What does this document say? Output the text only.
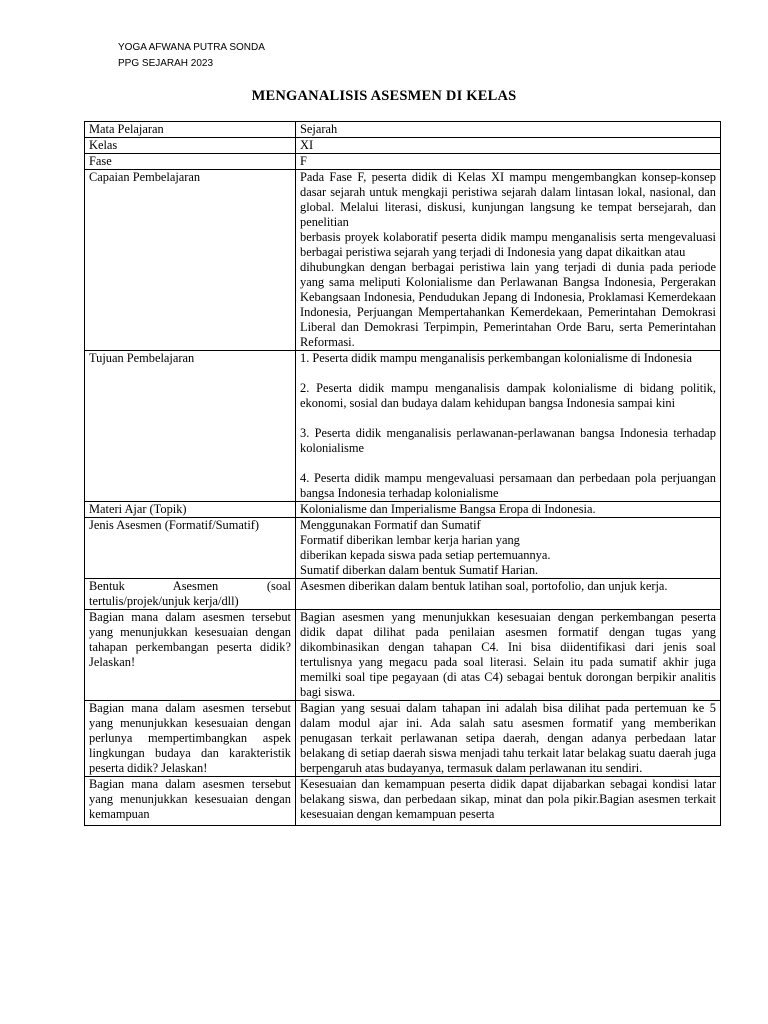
YOGA AFWANA PUTRA SONDA
PPG SEJARAH 2023
MENGANALISIS ASESMEN DI KELAS
Mata Pelajaran	Sejarah
Kelas	XI
Fase	F
Capaian Pembelajaran	Pada Fase F, peserta didik di Kelas XI mampu mengembangkan konsep-konsep dasar sejarah untuk mengkaji peristiwa sejarah dalam lintasan lokal, nasional, dan global. Melalui literasi, diskusi, kunjungan langsung ke tempat bersejarah, dan penelitian
berbasis proyek kolaboratif peserta didik mampu menganalisis serta mengevaluasi berbagai peristiwa sejarah yang terjadi di Indonesia yang dapat dikaitkan atau
dihubungkan dengan berbagai peristiwa lain yang terjadi di dunia pada periode yang sama meliputi Kolonialisme dan Perlawanan Bangsa Indonesia, Pergerakan Kebangsaan Indonesia, Pendudukan Jepang di Indonesia, Proklamasi Kemerdekaan Indonesia, Perjuangan Mempertahankan Kemerdekaan, Pemerintahan Demokrasi Liberal dan Demokrasi Terpimpin, Pemerintahan Orde Baru, serta Pemerintahan Reformasi.

Tujuan Pembelajaran	1. Peserta didik mampu menganalisis perkembangan kolonialisme di Indonesia
2. Peserta didik mampu menganalisis dampak kolonialisme di bidang politik, ekonomi, sosial dan budaya dalam kehidupan bangsa Indonesia sampai kini
3. Peserta didik menganalisis perlawanan-perlawanan bangsa Indonesia terhadap kolonialisme
4. Peserta didik mampu mengevaluasi persamaan dan perbedaan pola perjuangan bangsa Indonesia terhadap kolonialisme

Materi Ajar (Topik)	Kolonialisme dan Imperialisme Bangsa Eropa di Indonesia.
Jenis Asesmen (Formatif/Sumatif)	Menggunakan Formatif dan Sumatif
Formatif diberikan lembar kerja harian yang
diberikan kepada siswa pada setiap pertemuannya.
Sumatif diberkan dalam bentuk Sumatif Harian.

Bentuk Asesmen (soal tertulis/projek/unjuk kerja/dll)	Asesmen diberikan dalam bentuk latihan soal, portofolio, dan unjuk kerja.
Bagian mana dalam asesmen tersebut yang menunjukkan kesesuaian dengan tahapan perkembangan peserta didik? Jelaskan!	Bagian asesmen yang menunjukkan kesesuaian dengan perkembangan peserta didik dapat dilihat pada penilaian asesmen formatif dengan tugas yang dikombinasikan dengan tahapan C4. Ini bisa diidentifikasi dari jenis soal tertulisnya yang megacu pada soal literasi. Selain itu pada sumatif akhir juga memilki soal tipe pegayaan (di atas C4) sebagai bentuk dorongan berpikir analitis bagi siswa.
Bagian mana dalam asesmen tersebut yang menunjukkan kesesuaian dengan perlunya mempertimbangkan aspek lingkungan budaya dan karakteristik peserta didik? Jelaskan!	Bagian yang sesuai dalam tahapan ini adalah bisa dilihat pada pertemuan ke 5 dalam modul ajar ini. Ada salah satu asesmen formatif yang memberikan penugasan terkait perlawanan setipa daerah, dengan adanya perbedaan latar belakang di setiap daerah siswa menjadi tahu terkait latar belakag suatu daerah juga berpengaruh atas budayanya, termasuk dalam perlawanan itu sendiri.

Bagian mana dalam asesmen tersebut yang menunjukkan kesesuaian dengan kemampuan	Kesesuaian dan kemampuan peserta didik dapat dijabarkan sebagai kondisi latar belakang siswa, dan perbedaan sikap, minat dan pola pikir.Bagian asesmen terkait kesesuaian dengan kemampuan peserta
